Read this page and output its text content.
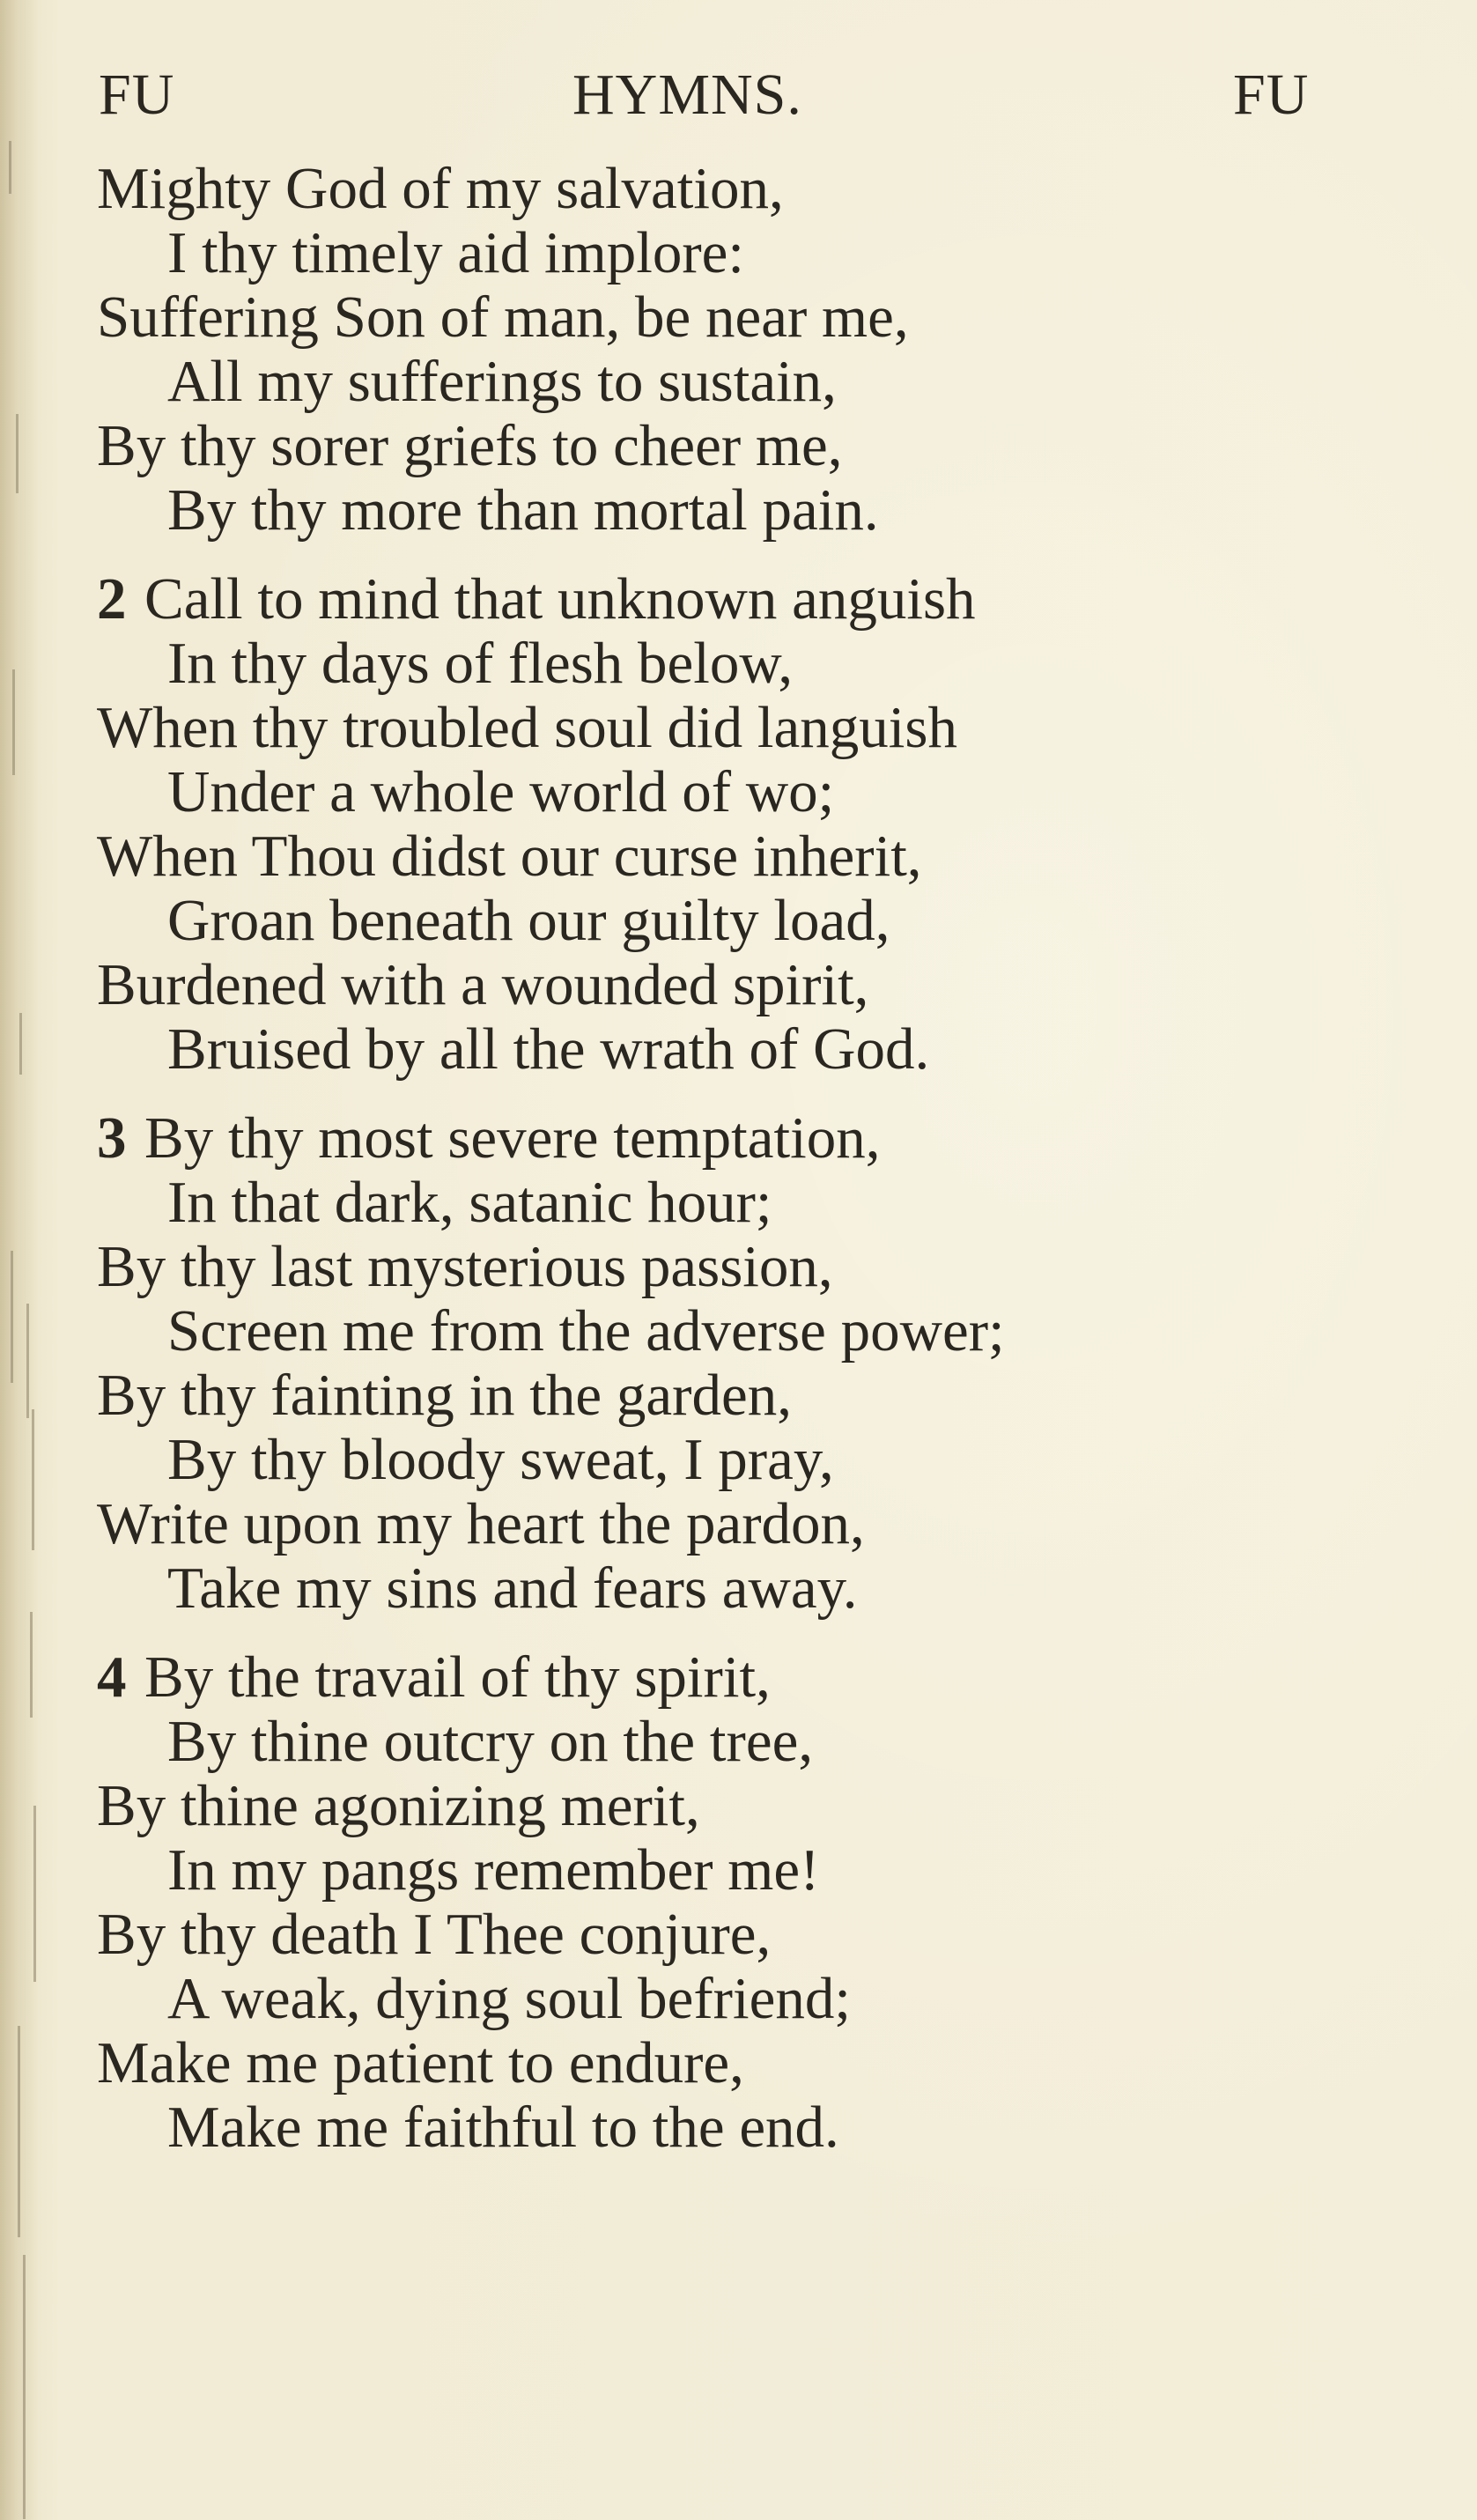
FU	HYMNS.	FU
Mighty God of my salvation,
I thy timely aid implore:
Suffering Son of man, be near me,
All my sufferings to sustain,
By thy sorer griefs to cheer me,
By thy more than mortal pain.
2 Call to mind that unknown anguish
In thy days of flesh below,
When thy troubled soul did languish
Under a whole world of wo;
When Thou didst our curse inherit,
Groan beneath our guilty load,
Burdened with a wounded spirit,
Bruised by all the wrath of God.
3 By thy most severe temptation,
In that dark, satanic hour;
By thy last mysterious passion,
Screen me from the adverse power;
By thy fainting in the garden,
By thy bloody sweat, I pray,
Write upon my heart the pardon,
Take my sins and fears away.
4 By the travail of thy spirit,
By thine outcry on the tree,
By thine agonizing merit,
In my pangs remember me!
By thy death I Thee conjure,
A weak, dying soul befriend;
Make me patient to endure,
Make me faithful to the end.
